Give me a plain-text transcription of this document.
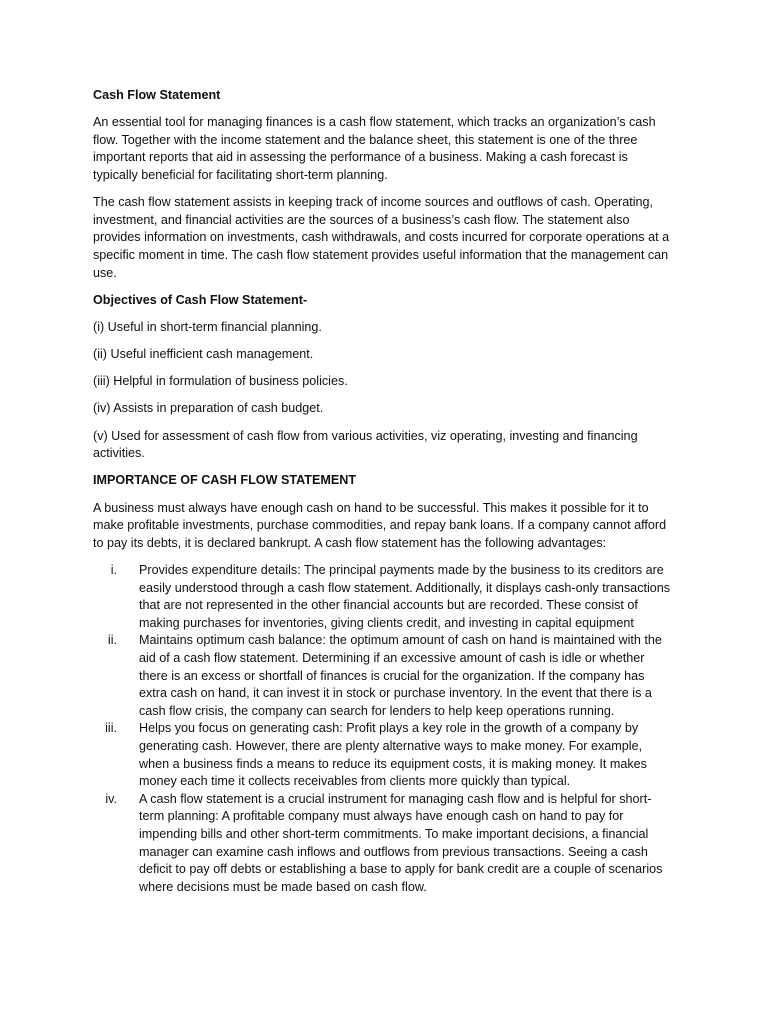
Cash Flow Statement

An essential tool for managing finances is a cash flow statement, which tracks an organization’s cash flow. Together with the income statement and the balance sheet, this statement is one of the three important reports that aid in assessing the performance of a business. Making a cash forecast is typically beneficial for facilitating short-term planning.

The cash flow statement assists in keeping track of income sources and outflows of cash. Operating, investment, and financial activities are the sources of a business’s cash flow. The statement also provides information on investments, cash withdrawals, and costs incurred for corporate operations at a specific moment in time. The cash flow statement provides useful information that the management can use.

Objectives of Cash Flow Statement-

(i) Useful in short-term financial planning.

(ii) Useful inefficient cash management.

(iii) Helpful in formulation of business policies.

(iv) Assists in preparation of cash budget.

(v) Used for assessment of cash flow from various activities, viz operating, investing and financing activities.

IMPORTANCE OF CASH FLOW STATEMENT

A business must always have enough cash on hand to be successful. This makes it possible for it to make profitable investments, purchase commodities, and repay bank loans. If a company cannot afford to pay its debts, it is declared bankrupt. A cash flow statement has the following advantages:

i. Provides expenditure details: The principal payments made by the business to its creditors are easily understood through a cash flow statement. Additionally, it displays cash-only transactions that are not represented in the other financial accounts but are recorded. These consist of making purchases for inventories, giving clients credit, and investing in capital equipment
ii. Maintains optimum cash balance: the optimum amount of cash on hand is maintained with the aid of a cash flow statement. Determining if an excessive amount of cash is idle or whether there is an excess or shortfall of finances is crucial for the organization. If the company has extra cash on hand, it can invest it in stock or purchase inventory. In the event that there is a cash flow crisis, the company can search for lenders to help keep operations running.
iii. Helps you focus on generating cash: Profit plays a key role in the growth of a company by generating cash. However, there are plenty alternative ways to make money. For example, when a business finds a means to reduce its equipment costs, it is making money. It makes money each time it collects receivables from clients more quickly than typical.
iv. A cash flow statement is a crucial instrument for managing cash flow and is helpful for short-term planning: A profitable company must always have enough cash on hand to pay for impending bills and other short-term commitments. To make important decisions, a financial manager can examine cash inflows and outflows from previous transactions. Seeing a cash deficit to pay off debts or establishing a base to apply for bank credit are a couple of scenarios where decisions must be made based on cash flow.
